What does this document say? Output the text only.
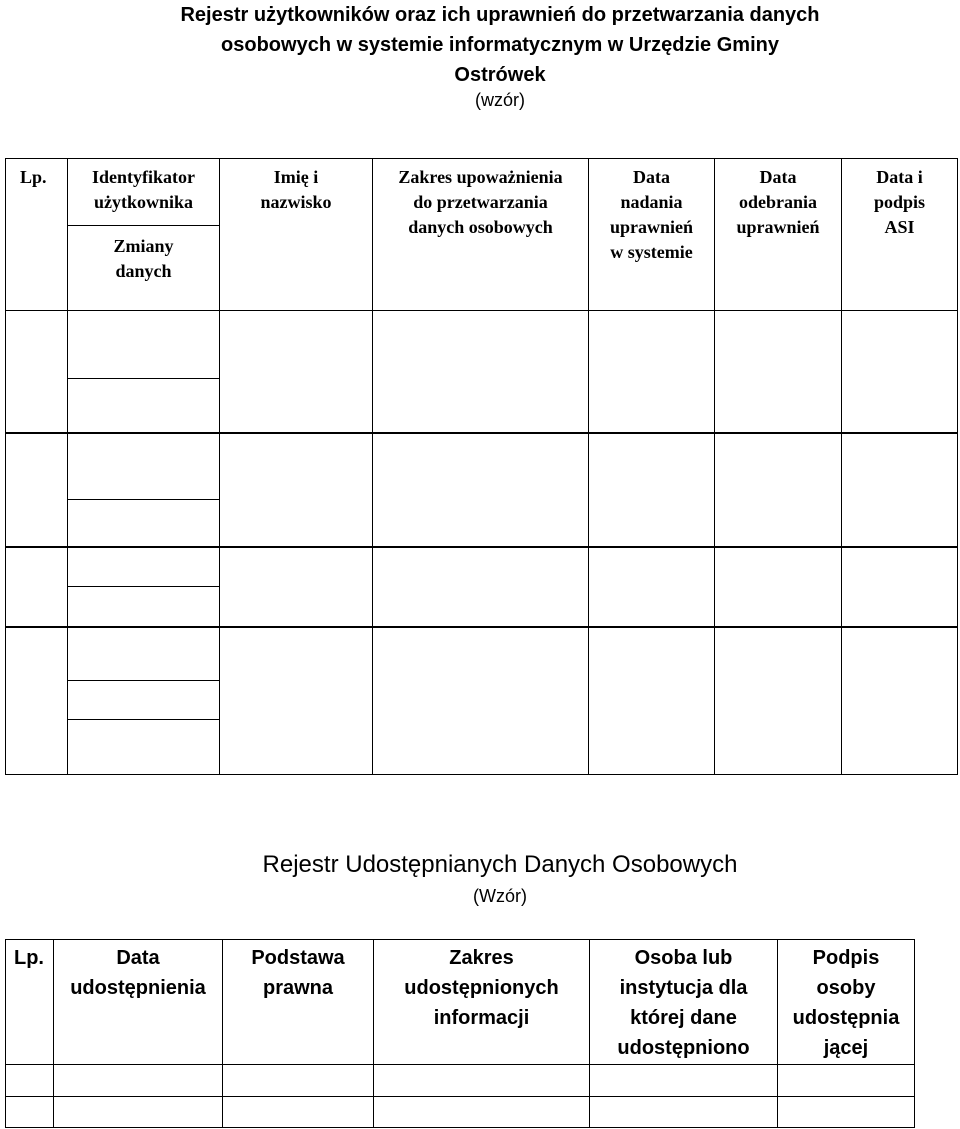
Rejestr użytkowników oraz ich uprawnień do przetwarzania danych
osobowych w systemie informatycznym w Urzędzie Gminy
Ostrówek
(wzór)
Lp.	Identyfikator
użytkownika
Zmiany
danych
Imię i
nazwisko
Zakres upoważnienia
do przetwarzania
danych osobowych
Data
nadania
uprawnień
w systemie
Data
odebrania
uprawnień
Data i
podpis
ASI
Rejestr Udostępnianych Danych Osobowych
(Wzór)
Lp.	Data
udostępnienia
Podstawa
prawna
Zakres
udostępnionych
informacji
Osoba lub
instytucja dla
której dane
udostępniono
Podpis
osoby
udostępnia
jącej
